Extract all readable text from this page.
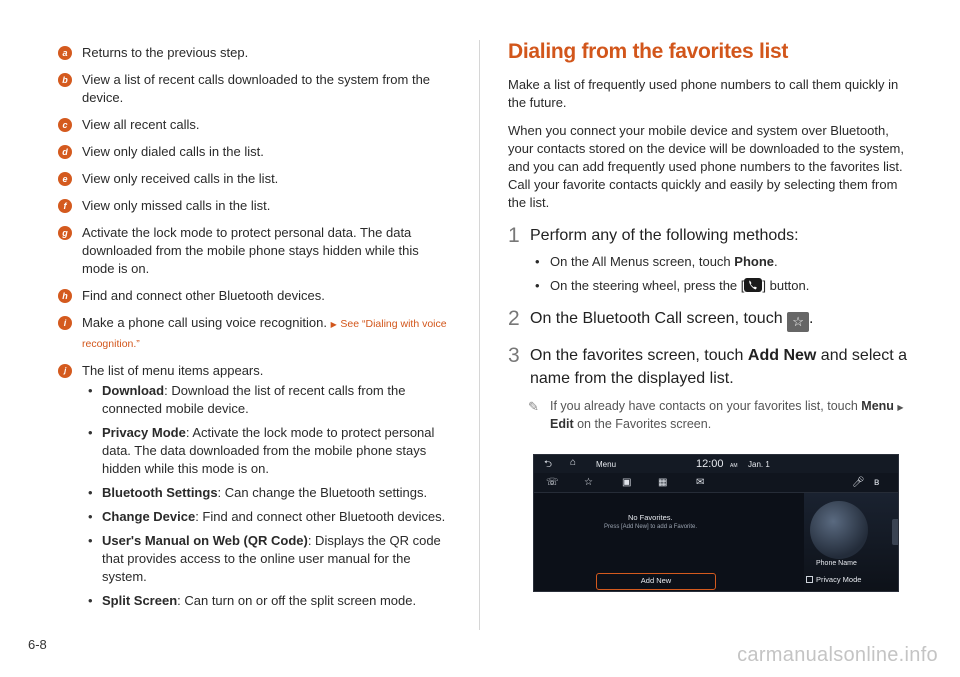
6-8
a	Returns to the previous step.
b	View a list of recent calls downloaded to the system from the device.
c	View all recent calls.
d	View only dialed calls in the list.
e	View only received calls in the list.
f	View only missed calls in the list.
g	Activate the lock mode to protect personal data. The data downloaded from the mobile phone stays hidden while this mode is on.
h	Find and connect other Bluetooth devices.
i	Make a phone call using voice recognition. ▶ See “Dialing with voice recognition.”
j	The list of menu items appears.
• Download: Download the list of recent calls from the connected mobile device.
• Privacy Mode: Activate the lock mode to protect personal data. The data downloaded from the mobile phone stays hidden while this mode is on.
• Bluetooth Settings: Can change the Bluetooth settings.
• Change Device: Find and connect other Bluetooth devices.
• User's Manual on Web (QR Code): Displays the QR code that provides access to the online user manual for the system.
• Split Screen: Can turn on or off the split screen mode.
Dialing from the favorites list
Make a list of frequently used phone numbers to call them quickly in the future.
When you connect your mobile device and system over Bluetooth, your contacts stored on the device will be downloaded to the system, and you can add frequently used phone numbers to the favorites list. Call your favorite contacts quickly and easily by selecting them from the list.
1 Perform any of the following methods:
• On the All Menus screen, touch Phone.
• On the steering wheel, press the [ ] button.
2 On the Bluetooth Call screen, touch ☆ .
3 On the favorites screen, touch Add New and select a name from the displayed list.
✎ If you already have contacts on your favorites list, touch Menu ▶ Edit on the Favorites screen.
⮌ ⌂ Menu	12:00 AM Jan. 1
☏	☆	▣	▦	✉
No Favorites.
Press [Add New] to add a Favorite.
Add New
🎤︎ ʙ
Phone Name
Privacy Mode
carmanualsonline.info
